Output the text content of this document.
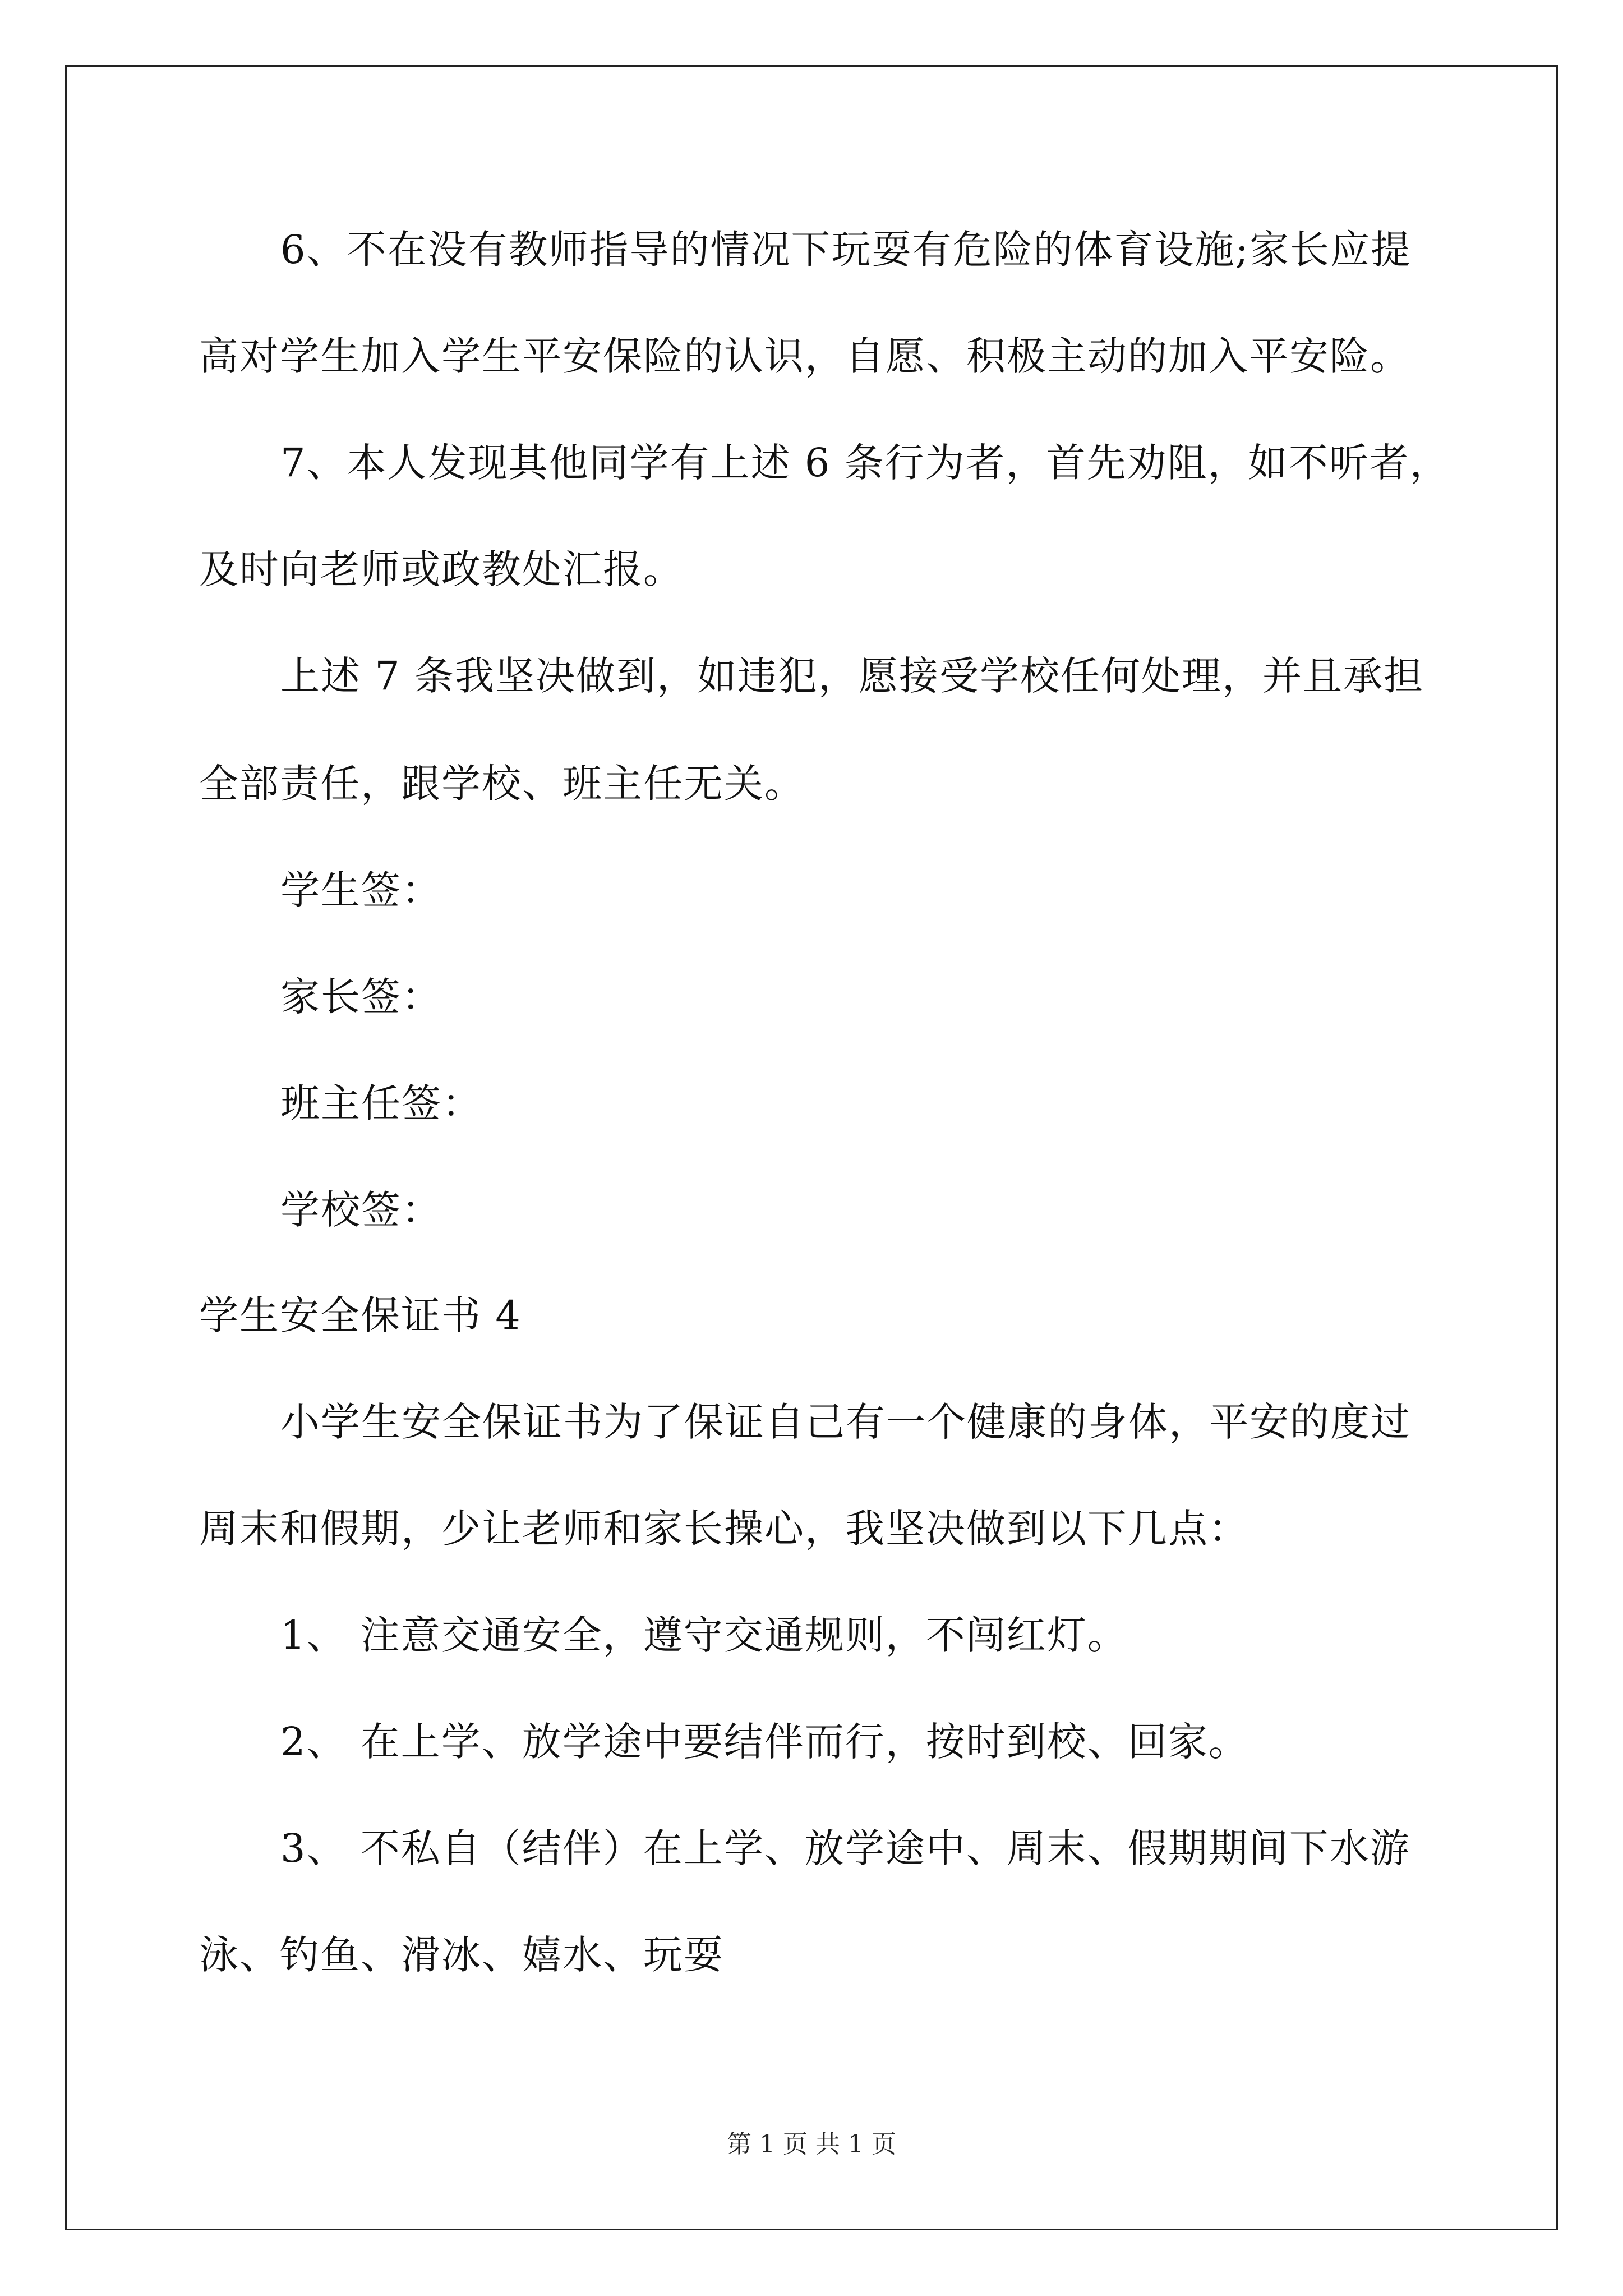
6、不在没有教师指导的情况下玩耍有危险的体育设施;家长应提
高对学生加入学生平安保险的认识，自愿、积极主动的加入平安险。
7、本人发现其他同学有上述 6 条行为者，首先劝阻，如不听者，
及时向老师或政教处汇报。
上述 7 条我坚决做到，如违犯，愿接受学校任何处理，并且承担
全部责任，跟学校、班主任无关。
学生签：
家长签：
班主任签：
学校签：
学生安全保证书 4
小学生安全保证书为了保证自己有一个健康的身体，平安的度过
周末和假期，少让老师和家长操心，我坚决做到以下几点：
1、 注意交通安全，遵守交通规则，不闯红灯。
2、 在上学、放学途中要结伴而行，按时到校、回家。
3、 不私自（结伴）在上学、放学途中、周末、假期期间下水游
泳、钓鱼、滑冰、嬉水、玩耍
第 1 页 共 1 页
